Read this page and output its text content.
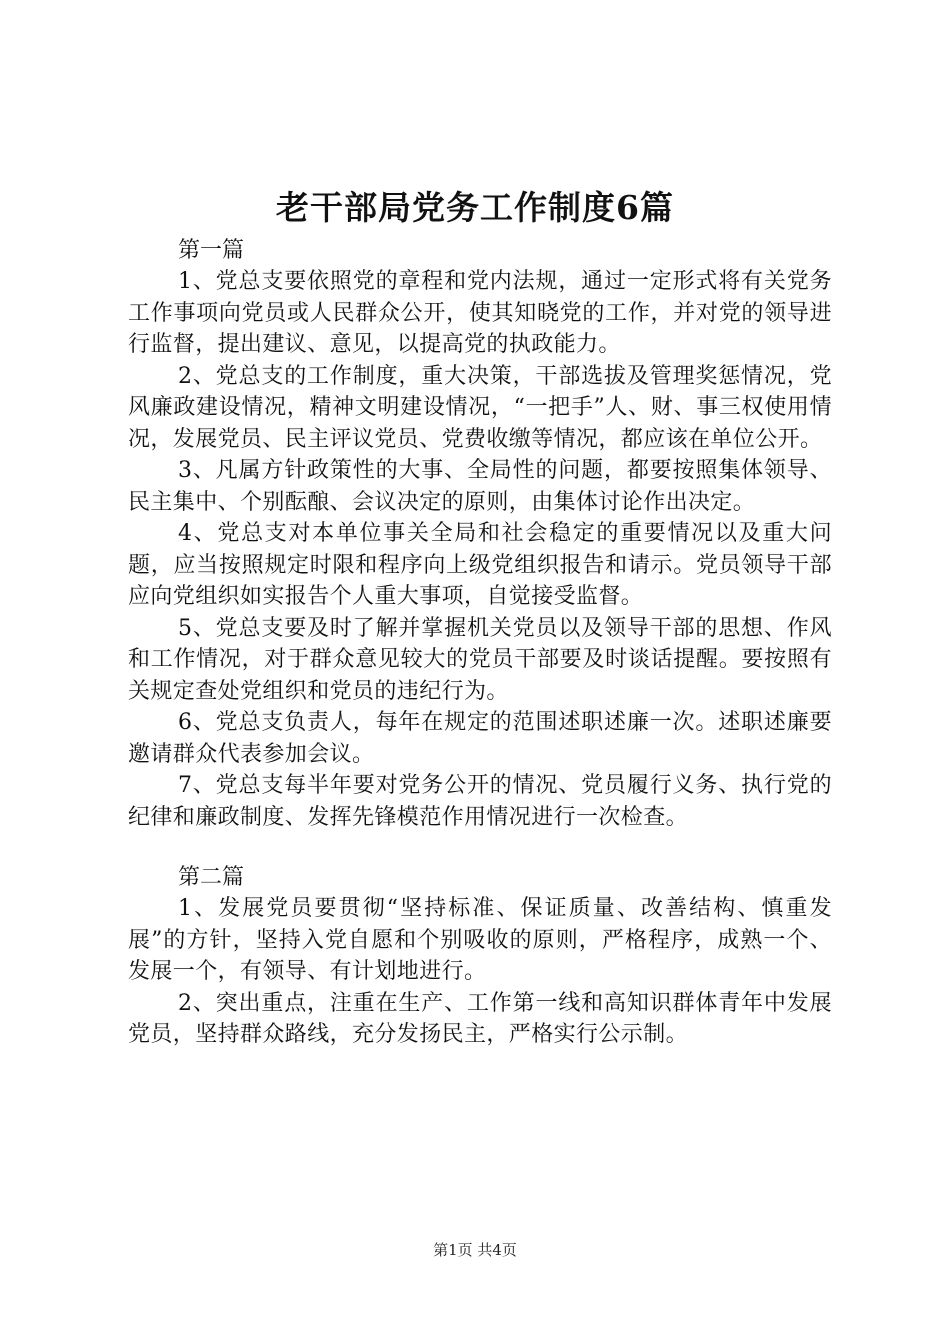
老干部局党务工作制度6篇

第一篇

1、党总支要依照党的章程和党内法规，通过一定形式将有关党务工作事项向党员或人民群众公开，使其知晓党的工作，并对党的领导进行监督，提出建议、意见，以提高党的执政能力。

2、党总支的工作制度，重大决策，干部选拔及管理奖惩情况，党风廉政建设情况，精神文明建设情况，“一把手”人、财、事三权使用情况，发展党员、民主评议党员、党费收缴等情况，都应该在单位公开。

3、凡属方针政策性的大事、全局性的问题，都要按照集体领导、民主集中、个别酝酿、会议决定的原则，由集体讨论作出决定。

4、党总支对本单位事关全局和社会稳定的重要情况以及重大问题，应当按照规定时限和程序向上级党组织报告和请示。党员领导干部应向党组织如实报告个人重大事项，自觉接受监督。

5、党总支要及时了解并掌握机关党员以及领导干部的思想、作风和工作情况，对于群众意见较大的党员干部要及时谈话提醒。要按照有关规定查处党组织和党员的违纪行为。

6、党总支负责人，每年在规定的范围述职述廉一次。述职述廉要邀请群众代表参加会议。

7、党总支每半年要对党务公开的情况、党员履行义务、执行党的纪律和廉政制度、发挥先锋模范作用情况进行一次检查。

第二篇

1、发展党员要贯彻“坚持标准、保证质量、改善结构、慎重发展”的方针，坚持入党自愿和个别吸收的原则，严格程序，成熟一个、发展一个，有领导、有计划地进行。

2、突出重点，注重在生产、工作第一线和高知识群体青年中发展党员，坚持群众路线，充分发扬民主，严格实行公示制。

第1页 共4页
